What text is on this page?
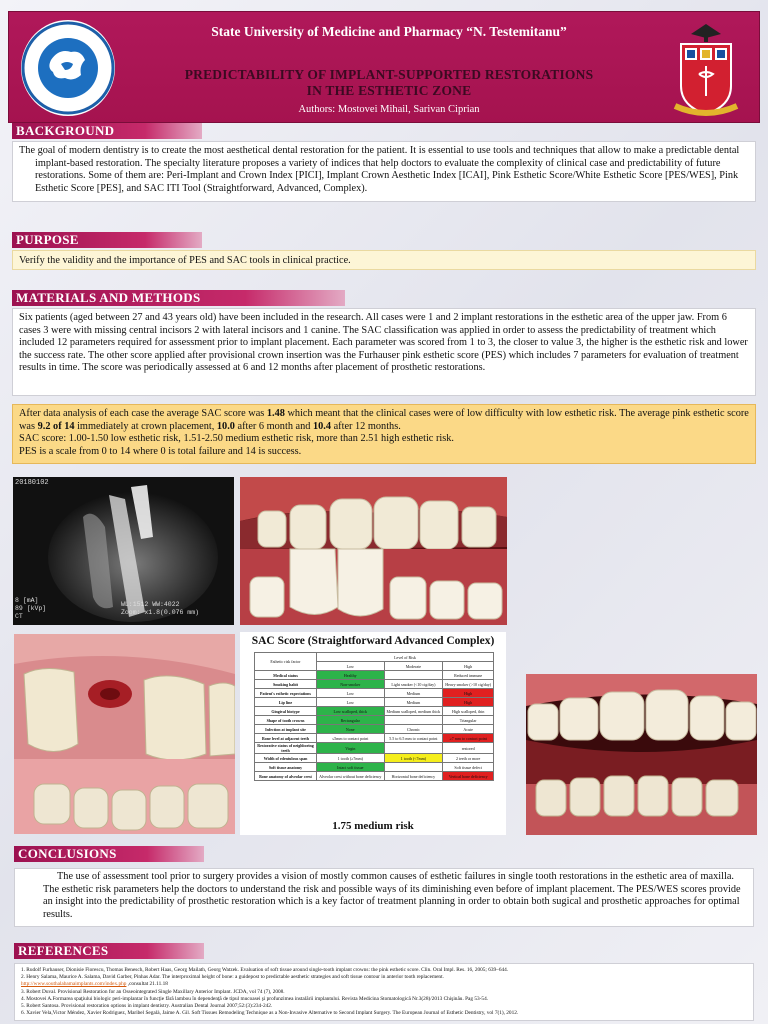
State University of Medicine and Pharmacy “N. Testemitanu”
PREDICTABILITY OF IMPLANT-SUPPORTED RESTORATIONS
IN THE ESTHETIC ZONE
Authors: Mostovei Mihail, Sarivan Ciprian
BACKGROUND
The goal of modern dentistry is to create the most aesthetical dental restoration for the patient. It is essential to use tools and techniques that allow to make a predictable dental implant-based restoration. The specialty literature proposes a variety of indices that help doctors to evaluate the complexity of clinical case and predictability of future restorations. Some of them are: Peri-Implant and Crown Index [PICI], Implant Crown Aesthetic Index [ICAI], Pink Esthetic Score/White Esthetic Score [PES/WES], Pink Esthetic Score [PES], and SAC ITI Tool (Straightforward, Advanced, Complex).
PURPOSE
Verify the validity and the importance of PES and SAC tools in clinical practice.
MATERIALS AND METHODS
Six patients (aged between 27 and 43 years old) have been included in the research. All cases were 1 and 2 implant restorations in the esthetic area of the upper jaw. From 6 cases 3 were with missing central incisors 2 with lateral incisors and 1 canine. The SAC classification was applied in order to assess the predictability of treatment which included 12 parameters required for assessment prior to implant placement. Each parameter was scored from 1 to 3, the closer to value 3, the higher is the esthetic risk and lower the success rate. The other score applied after provisional crown insertion was the Furhauser pink esthetic score (PES) which includes 7 parameters for evaluation of treatment results in time. The score was periodically assessed at 6 and 12 months after placement of prosthetic restorations.
After data analysis of each case the average SAC score was 1.48 which meant that the clinical cases were of low difficulty with low esthetic risk. The average pink esthetic score was 9.2 of 14 immediately at crown placement, 10.0 after 6 month and 10.4 after 12 months.
SAC score: 1.00-1.50 low esthetic risk, 1.51-2.50 medium esthetic risk, more than 2.51 high esthetic risk.
PES is a scale from 0 to 14 where 0 is total failure and 14 is success.
20180102
8 [mA]
89 [kVp]
CT
WL:1512 WW:4022
Zoom: x1.8(0.076 mm)
SAC Score (Straightforward Advanced Complex)
Esthetic risk factor	Level of Risk		
	Low	Moderate	High
Medical status	Healthy		Reduced immune
Smoking habit	Non-smoker	Light smoker (<10 cig/day)	Heavy smoker (>10 cig/day)
Patient's esthetic expectations	Low	Medium	High
Lip line	Low	Medium	High
Gingival biotype	Low scalloped, thick	Medium scalloped, medium thick	High scalloped, thin
Shape of tooth crowns	Rectangular		Triangular
Infection at implant site	None	Chronic	Acute
Bone level at adjacent teeth	≤5mm to contact point	5.5 to 6.5 mm to contact point	≥7 mm to contact point
Restorative status of neighboring teeth	Virgin		restored
Width of edentulous span	1 tooth (≥7mm)	1 tooth (<7mm)	2 teeth or more
Soft tissue anatomy	Intact soft tissue		Soft tissue defect
Bone anatomy of alveolar crest	Alveolar crest without bone deficiency	Horizontal bone deficiency	Vertical bone deficiency
1.75 medium risk
CONCLUSIONS
The use of assessment tool prior to surgery provides a vision of mostly common causes of esthetic failures in single tooth restorations in the esthetic area of maxilla. The esthetic risk parameters help the doctors to understand the risk and possible ways of its diminishing even before of implant placement. The PES/WES scores provide an insight into the predictability of prosthetic restoration which is a key factor of treatment planning in order to obtain both sugical and prosthetic approaches for optimal results.
REFERENCES
1. Rudolf Furhauser, Dionisie Florescu, Thomas Benesch, Robert Haas, Georg Mailath, Georg Watzek. Evaluation of soft tissue around single-tooth implant crowns: the pink esthetic score. Clin. Oral Impl. Res. 16, 2005; 639–644.
2. Henry Salama, Maurice A. Salama, David Garber, Pinhas Adar. The interproximal height of bone: a guidepost to predictable aesthetic strategies and soft tissue contour in anterior tooth replacement.
http://www.southalabamaimplants.com/index.php ,consultat 21.11.18
3. Robert Duval. Provisional Restoration for an Osseointegrated Single Maxillary Anterior Implant. JCDA, vol 74 (7), 2008.
4. Mostovei A.Formarea spaţiului biologic peri-implantar în funcţie fără lambou în dependenţă de tipul mucoasei şi profunzimea instalării implantului. Revista Medicina Stomatologică Nr.3(28)/2013 Chişinău. Pag 53-54.
5. Robert Santosa. Provisional restoration options in implant dentistry. Australian Dental Journal 2007;52:(3):234-242.
6. Xavier Vela,Victor Méndez, Xavier Rodriguez, Maribel Segalà, Jaime A. Gil. Soft Tissues Remodeling Technique as a Non-Invasive Alternative to Second Implant Surgery. The European Journal of Esthetic Dentistry, vol 7(1), 2012.
